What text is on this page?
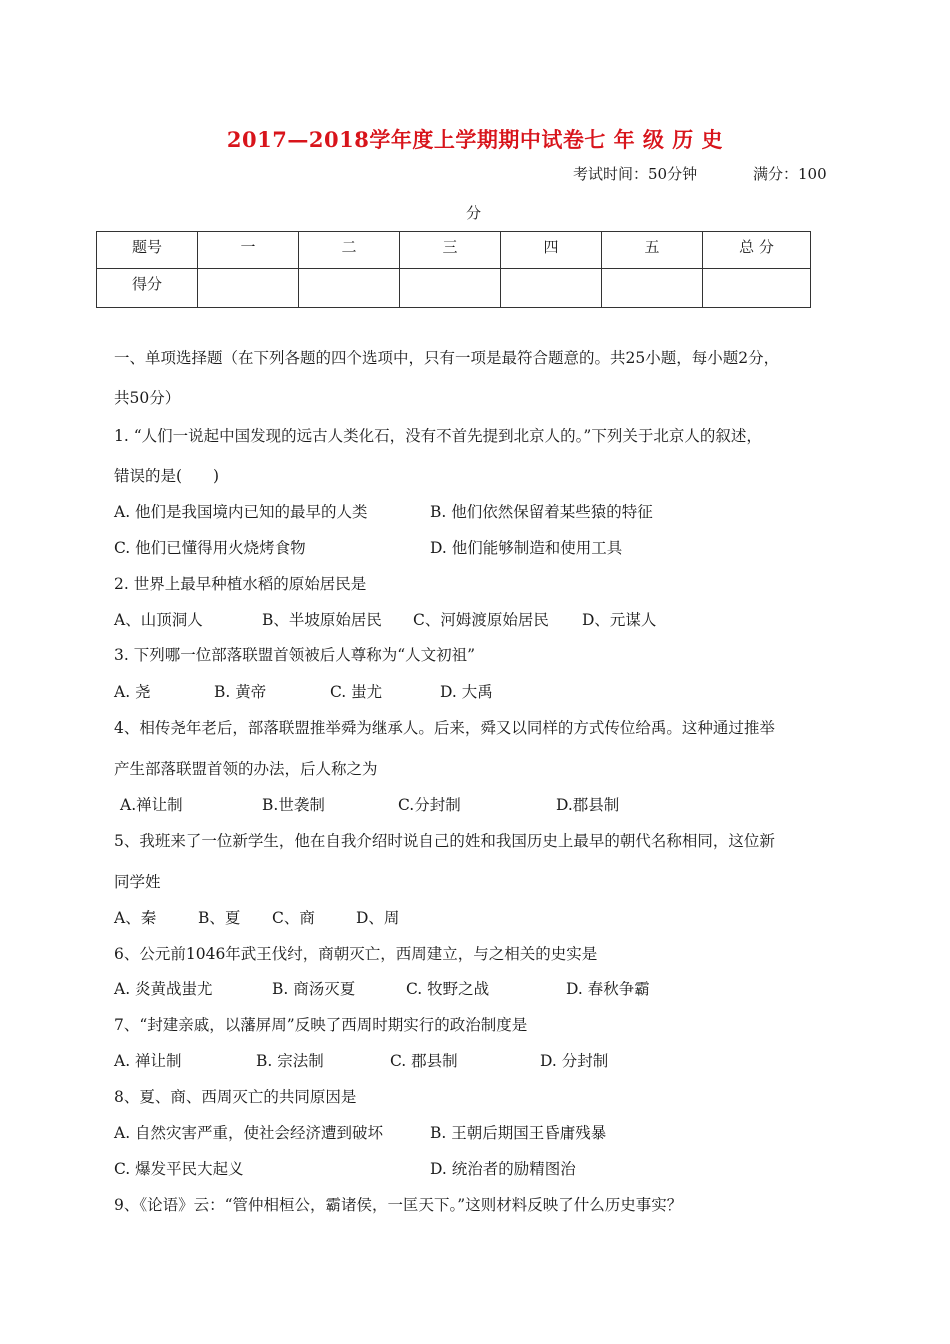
2017—2018学年度上学期期中试卷七 年 级 历 史
考试时间：50分钟	满分：100
分
题号	一	二	三	四	五	总 分
得分						
一、单项选择题（在下列各题的四个选项中，只有一项是最符合题意的。共25小题，每小题2分，
共50分）
1. “人们一说起中国发现的远古人类化石，没有不首先提到北京人的。”下列关于北京人的叙述，
错误的是(　　)
A. 他们是我国境内已知的最早的人类	B. 他们依然保留着某些猿的特征
C. 他们已懂得用火烧烤食物	D. 他们能够制造和使用工具
2. 世界上最早种植水稻的原始居民是
A、山顶洞人	B、半坡原始居民 C、河姆渡原始居民 D、元谋人
3. 下列哪一位部落联盟首领被后人尊称为“人文初祖”
A. 尧	B. 黄帝	C. 蚩尤	D. 大禹
4、相传尧年老后，部落联盟推举舜为继承人。后来，舜又以同样的方式传位给禹。这种通过推举
产生部落联盟首领的办法，后人称之为
A.禅让制	B.世袭制	C.分封制	D.郡县制
5、我班来了一位新学生，他在自我介绍时说自己的姓和我国历史上最早的朝代名称相同，这位新
同学姓
A、秦	B、夏 C、商	D、周
6、公元前1046年武王伐纣，商朝灭亡，西周建立，与之相关的史实是
A. 炎黄战蚩尤	B. 商汤灭夏	C. 牧野之战	D. 春秋争霸
7、“封建亲戚，以藩屏周”反映了西周时期实行的政治制度是
A. 禅让制	B. 宗法制	C. 郡县制	D. 分封制
8、夏、商、西周灭亡的共同原因是
A. 自然灾害严重，使社会经济遭到破坏	B. 王朝后期国王昏庸残暴
C. 爆发平民大起义	D. 统治者的励精图治
9、《论语》云：“管仲相桓公，霸诸侯，一匡天下。”这则材料反映了什么历史事实？
